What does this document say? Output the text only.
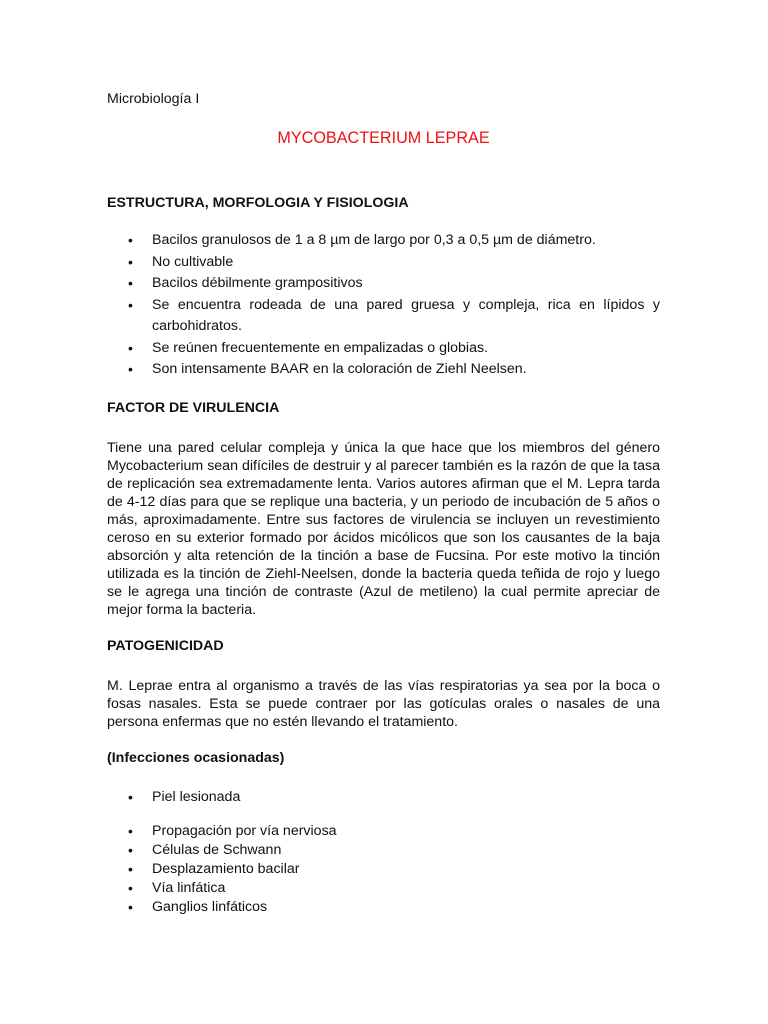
Microbiología I

MYCOBACTERIUM LEPRAE
ESTRUCTURA, MORFOLOGIA Y FISIOLOGIA
• Bacilos granulosos de 1 a 8 µm de largo por 0,3 a 0,5 µm de diámetro.
• No cultivable
• Bacilos débilmente grampositivos
• Se encuentra rodeada de una pared gruesa y compleja, rica en lípidos y carbohidratos.
• Se reúnen frecuentemente en empalizadas o globias.
• Son intensamente BAAR en la coloración de Ziehl Neelsen.
FACTOR DE VIRULENCIA

Tiene una pared celular compleja y única la que hace que los miembros del género Mycobacterium sean difíciles de destruir y al parecer también es la razón de que la tasa de replicación sea extremadamente lenta. Varios autores afirman que el M. Lepra tarda de 4-12 días para que se replique una bacteria, y un periodo de incubación de 5 años o más, aproximadamente. Entre sus factores de virulencia se incluyen un revestimiento ceroso en su exterior formado por ácidos micólicos que son los causantes de la baja absorción y alta retención de la tinción a base de Fucsina. Por este motivo la tinción utilizada es la tinción de Ziehl-Neelsen, donde la bacteria queda teñida de rojo y luego se le agrega una tinción de contraste (Azul de metileno) la cual permite apreciar de mejor forma la bacteria.

PATOGENICIDAD

M. Leprae entra al organismo a través de las vías respiratorias ya sea por la boca o fosas nasales. Esta se puede contraer por las gotículas orales o nasales de una persona enfermas que no estén llevando el tratamiento.

(Infecciones ocasionadas)
• Piel lesionada
• Propagación por vía nerviosa
• Células de Schwann
• Desplazamiento bacilar
• Vía linfática
• Ganglios linfáticos
